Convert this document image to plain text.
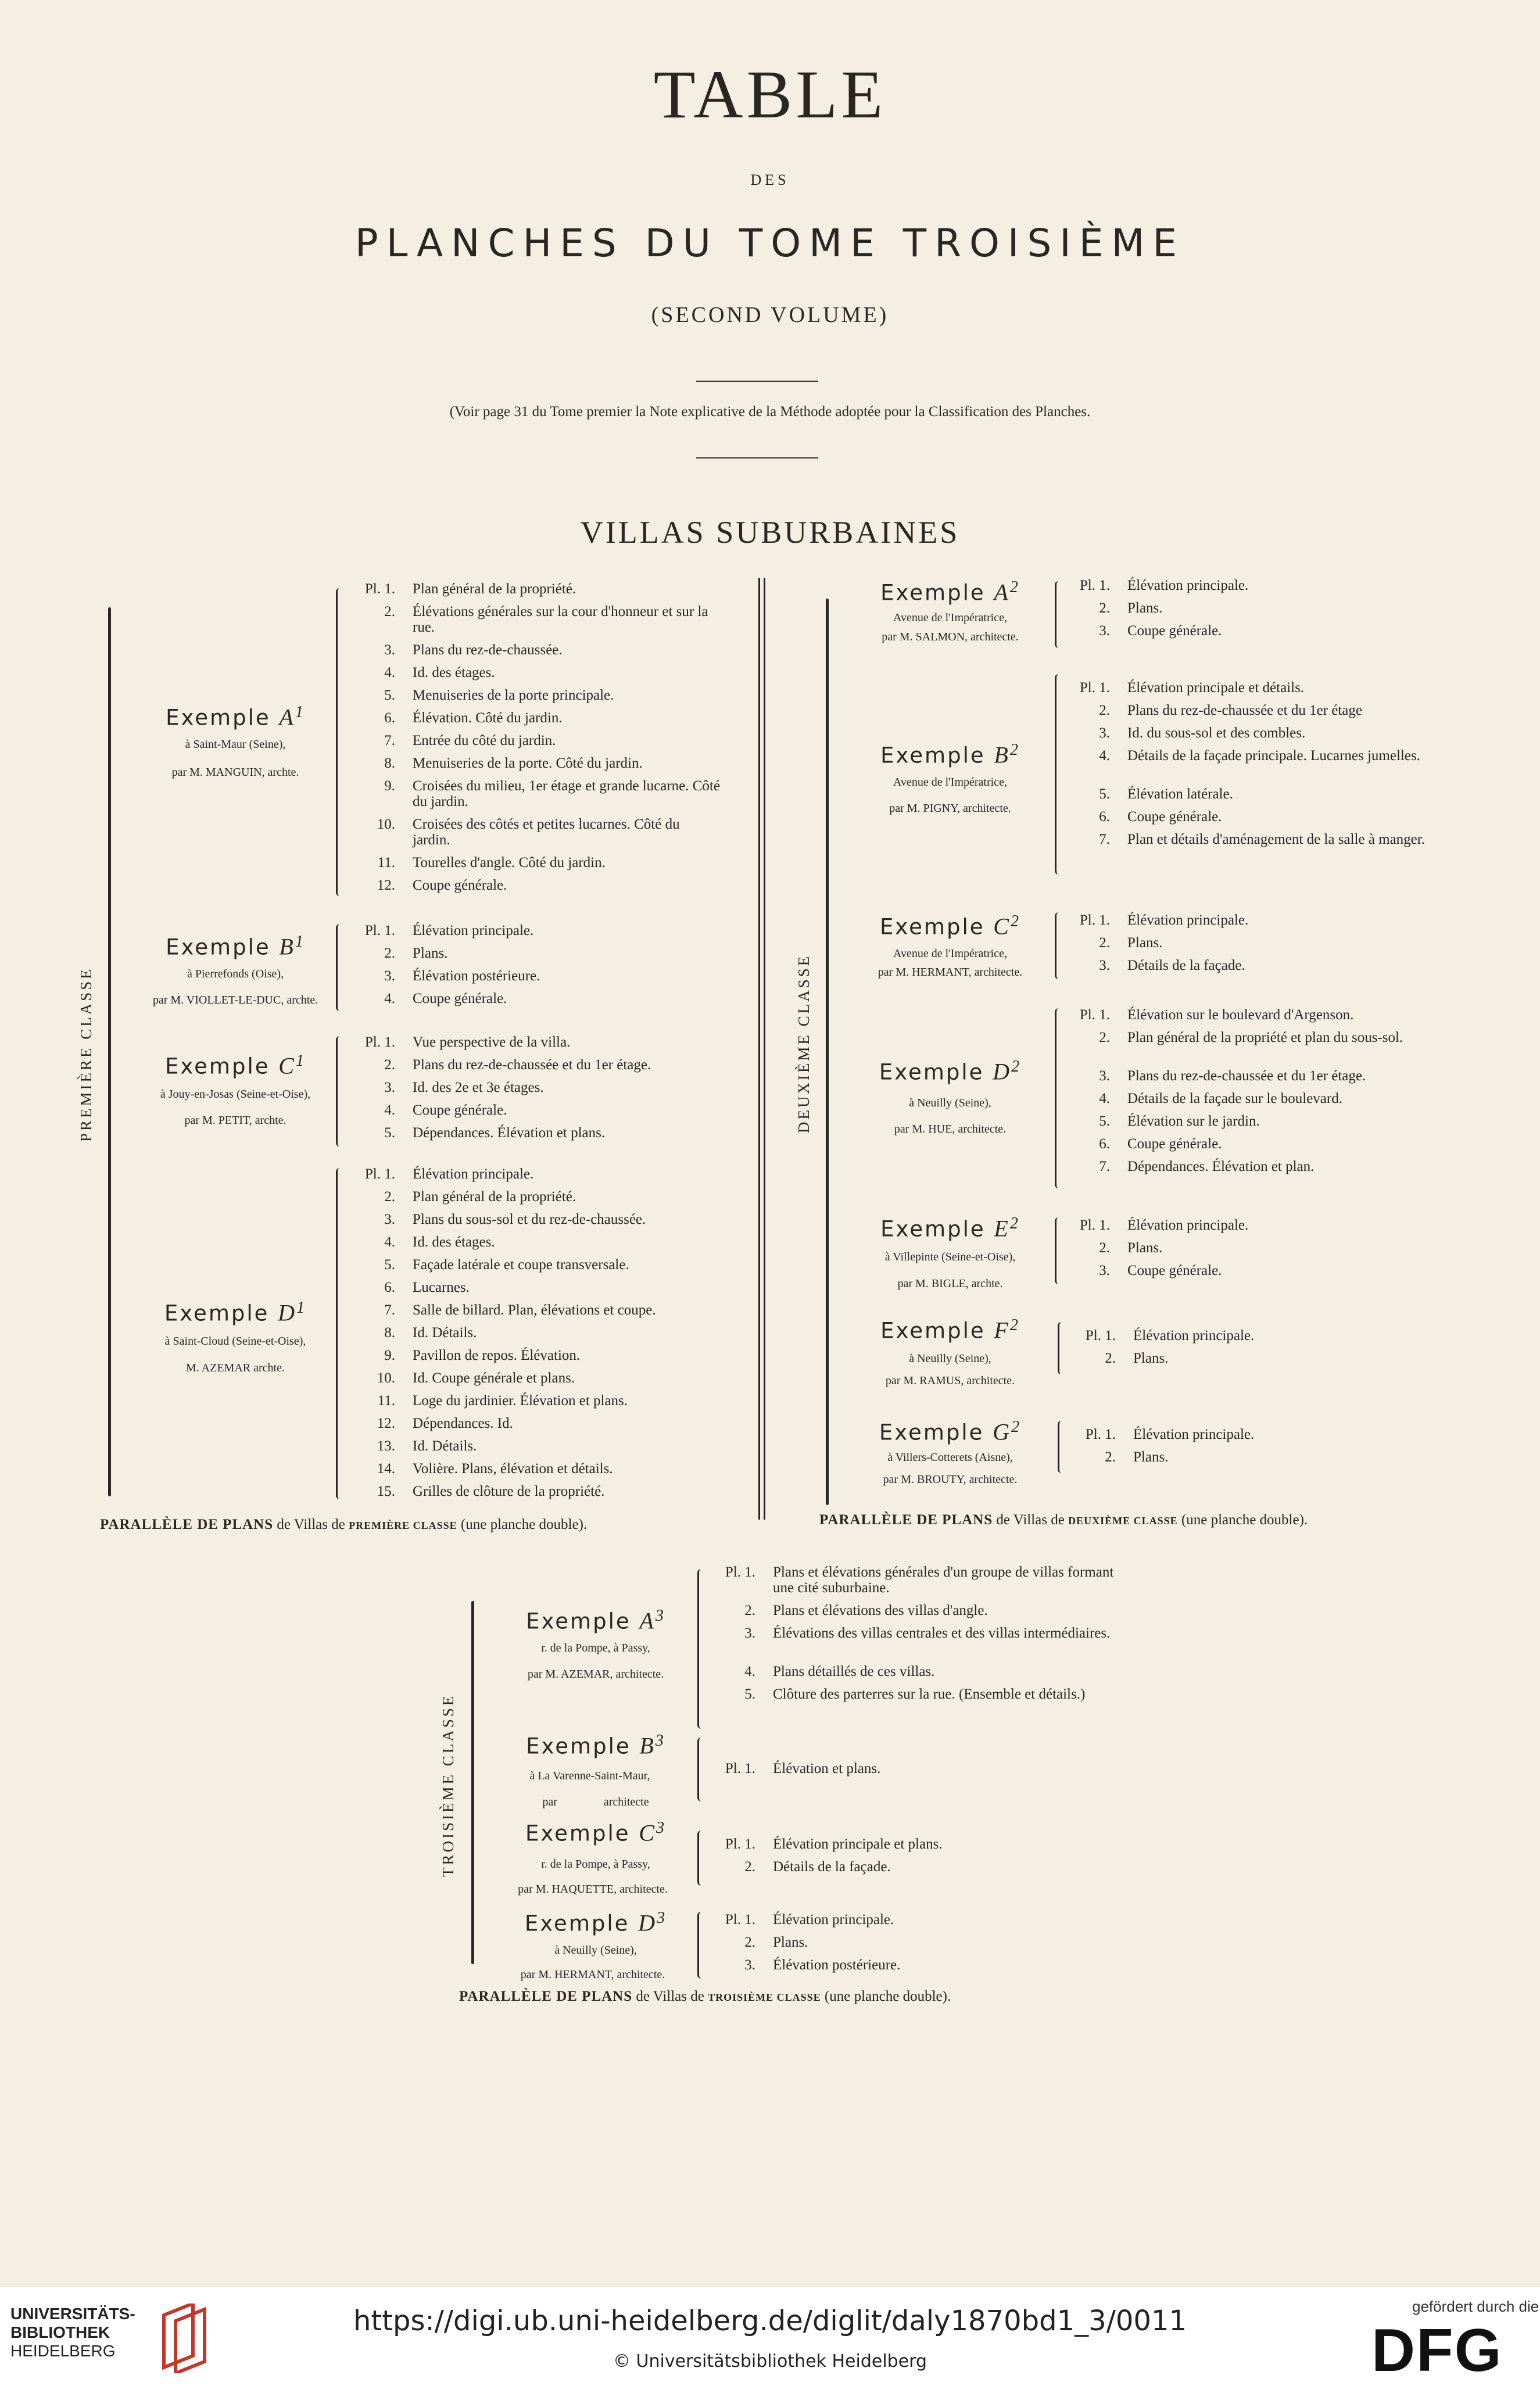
TABLE
DES
PLANCHES DU TOME TROISIÈME
(SECOND VOLUME)
(Voir page 31 du Tome premier la Note explicative de la Méthode adoptée pour la Classification des Planches.
VILLAS SUBURBAINES
PREMIÈRE CLASSE	DEUXIÈME CLASSE
TROISIÈME CLASSE
Exemple $A^1$
à Saint-Maur (Seine),
par M. MANGUIN, archte.
Exemple $B^1$
à Pierrefonds (Oise),
par M. VIOLLET-LE-DUC, archte.
Exemple $C^1$
à Jouy-en-Josas (Seine-et-Oise),
par M. PETIT, archte.
Exemple $D^1$
à Saint-Cloud (Seine-et-Oise),
M. AZEMAR archte.
Exemple $A^2$
Avenue de l'Impératrice,
par M. SALMON, architecte.
Exemple $B^2$
Avenue de l'Impératrice,
par M. PIGNY, architecte.
Exemple $C^2$
Avenue de l'Impératrice,
par M. HERMANT, architecte.
Exemple $D^2$
à Neuilly (Seine),
par M. HUE, architecte.
Exemple $E^2$
à Villepinte (Seine-et-Oise),
par M. BIGLE, archte.
Exemple $F^2$
à Neuilly (Seine),
par M. RAMUS, architecte.
Exemple $G^2$
à Villers-Cotterets (Aisne),
par M. BROUTY, architecte.
PARALLÈLE DE PLANS de Villas de PREMIÈRE CLASSE (une planche double).	PARALLÈLE DE PLANS de Villas de DEUXIÈME CLASSE (une planche double).
Exemple $A^3$
r. de la Pompe, à Passy,
par M. AZEMAR, architecte.
Exemple $B^3$
à La Varenne-Saint-Maur,
par                architecte
Exemple $C^3$
r. de la Pompe, à Passy,
par M. HAQUETTE, architecte.
Exemple $D^3$
à Neuilly (Seine),
par M. HERMANT, architecte.
PARALLÈLE DE PLANS de Villas de TROISIÈME CLASSE (une planche double).
UNIVERSITÄTS-
BIBLIOTHEK
HEIDELBERG
https://digi.ub.uni-heidelberg.de/diglit/daly1870bd1_3/0011
© Universitätsbibliothek Heidelberg
gefördert durch die
DFG
Pl. 1. Plan général de la propriété.
2. Élévations générales sur la cour d'honneur et sur la rue.
3. Plans du rez-de-chaussée.
4. Id. des étages.
5. Menuiseries de la porte principale.
6. Élévation. Côté du jardin.
7. Entrée du côté du jardin.
8. Menuiseries de la porte. Côté du jardin.
9. Croisées du milieu, 1er étage et grande lucarne. Côté du jardin.
10. Croisées des côtés et petites lucarnes. Côté du jardin.
11. Tourelles d'angle. Côté du jardin.
12. Coupe générale.
Pl. 1. Élévation principale.
2. Plans.
3. Élévation postérieure.
4. Coupe générale.
Pl. 1. Vue perspective de la villa.
2. Plans du rez-de-chaussée et du 1er étage.
3. Id. des 2e et 3e étages.
4. Coupe générale.
5. Dépendances. Élévation et plans.
Pl. 1. Élévation principale.
2. Plan général de la propriété.
3. Plans du sous-sol et du rez-de-chaussée.
4. Id. des étages.
5. Façade latérale et coupe transversale.
6. Lucarnes.
7. Salle de billard. Plan, élévations et coupe.
8. Id. Détails.
9. Pavillon de repos. Élévation.
10. Id. Coupe générale et plans.
11. Loge du jardinier. Élévation et plans.
12. Dépendances. Id.
13. Id. Détails.
14. Volière. Plans, élévation et détails.
15. Grilles de clôture de la propriété.
Pl. 1. Élévation principale.
2. Plans.
3. Coupe générale.
Pl. 1. Élévation principale et détails.
2. Plans du rez-de-chaussée et du 1er étage
3. Id. du sous-sol et des combles.
4. Détails de la façade principale. Lucarnes jumelles.
5. Élévation latérale.
6. Coupe générale.
7. Plan et détails d'aménagement de la salle à manger.
Pl. 1. Élévation principale.
2. Plans.
3. Détails de la façade.
Pl. 1. Élévation sur le boulevard d'Argenson.
2. Plan général de la propriété et plan du sous-sol.
3. Plans du rez-de-chaussée et du 1er étage.
4. Détails de la façade sur le boulevard.
5. Élévation sur le jardin.
6. Coupe générale.
7. Dépendances. Élévation et plan.
Pl. 1. Élévation principale.
2. Plans.
3. Coupe générale.
Pl. 1. Élévation principale.
2. Plans.
Pl. 1. Élévation principale.
2. Plans.
Pl. 1. Plans et élévations générales d'un groupe de villas formant une cité suburbaine.
2. Plans et élévations des villas d'angle.
3. Élévations des villas centrales et des villas intermédiaires.
4. Plans détaillés de ces villas.
5. Clôture des parterres sur la rue. (Ensemble et détails.)
Pl. 1. Élévation et plans.
Pl. 1. Élévation principale et plans.
2. Détails de la façade.
Pl. 1. Élévation principale.
2. Plans.
3. Élévation postérieure.
